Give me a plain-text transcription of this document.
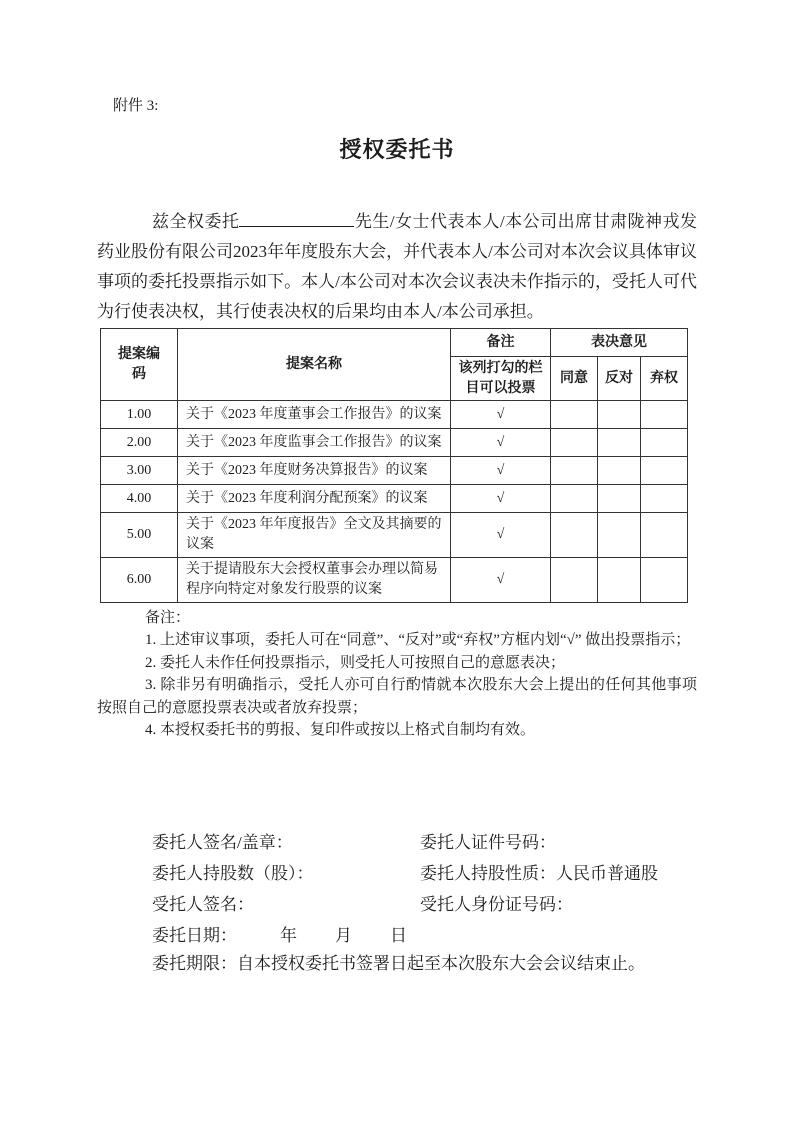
附件 3:
授权委托书

兹全权委托	先生/女士代表本人/本公司出席甘肃陇神戎发药业股份有限公司2023年年度股东大会，并代表本人/本公司对本次会议具体审议事项的委托投票指示如下。本人/本公司对本次会议表决未作指示的，受托人可代为行使表决权，其行使表决权的后果均由本人/本公司承担。

提案编码	提案名称	备注	表决意见		
		该列打勾的栏目可以投票	同意	反对	弃权
1.00	关于《2023 年度董事会工作报告》的议案	√			
2.00	关于《2023 年度监事会工作报告》的议案	√			
3.00	关于《2023 年度财务决算报告》的议案	√			
4.00	关于《2023 年度利润分配预案》的议案	√			
5.00	关于《2023 年年度报告》全文及其摘要的议案	√			
6.00	关于提请股东大会授权董事会办理以简易程序向特定对象发行股票的议案	√			

备注：

1. 上述审议事项，委托人可在“同意”、“反对”或“弃权”方框内划“√” 做出投票指示；

2. 委托人未作任何投票指示，则受托人可按照自己的意愿表决；

3. 除非另有明确指示，受托人亦可自行酌情就本次股东大会上提出的任何其他事项按照自己的意愿投票表决或者放弃投票；

4. 本授权委托书的剪报、复印件或按以上格式自制均有效。

委托人签名/盖章：	委托人证件号码：
委托人持股数（股）：	委托人持股性质：人民币普通股
受托人签名：	受托人身份证号码：
委托日期：	年 月 日
委托期限：自本授权委托书签署日起至本次股东大会会议结束止。
